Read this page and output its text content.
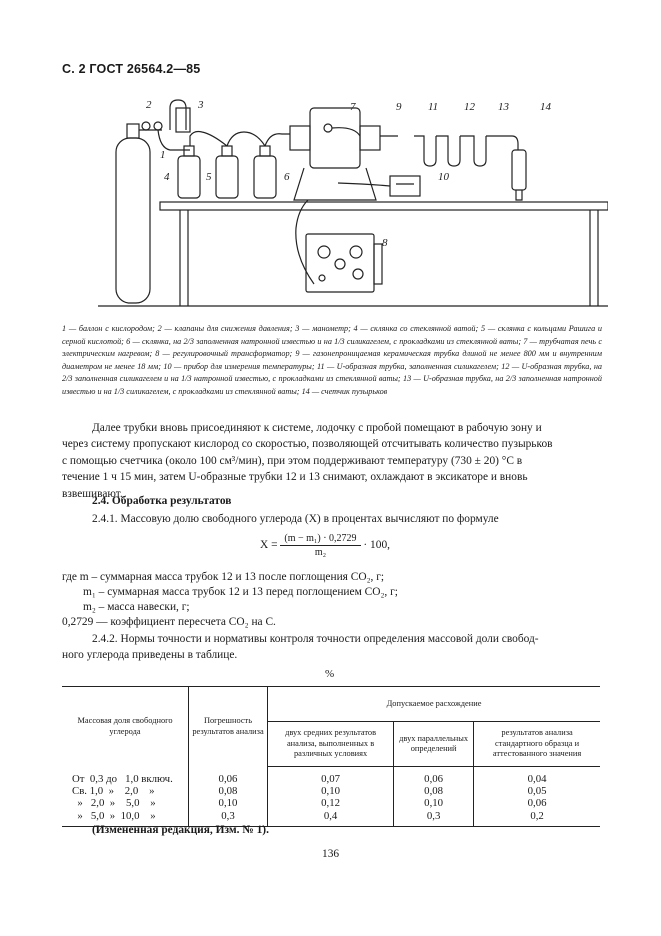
С. 2 ГОСТ 26564.2—85
2	3
1
4	5	6
7	9 11 12 13	14
10
8
1 — баллон с кислородом; 2 — клапаны для снижения давления; 3 — манометр; 4 — склянка со стеклянной ватой; 5 — склянка с кольцами Рашига и серной кислотой; 6 — склянка, на 2/3 заполненная натронной известью и на 1/3 силикагелем, с прокладками из стеклянной ваты; 7 — трубчатая печь с электрическим нагревом; 8 — регулировочный трансформатор; 9 — газонепроницаемая керамическая трубка длиной не менее 800 мм и внутренним диаметром не менее 18 мм; 10 — прибор для измерения температуры; 11 — U-образная трубка, заполненная силикагелем; 12 — U-образная трубка, на 2/3 заполненная силикагелем и на 1/3 натронной известью, с прокладками из стеклянной ваты; 13 — U-образная трубка, на 2/3 заполненная натронной известью и на 1/3 силикагелем, с прокладками из стеклянной ваты; 14 — счетчик пузырьков
Далее трубки вновь присоединяют к системе, лодочку с пробой помещают в рабочую зону и
через систему пропускают кислород со скоростью, позволяющей отсчитывать количество пузырьков
с помощью счетчика (около 100 см³/мин), при этом поддерживают температуру (730 ± 20) °С в
течение 1 ч 15 мин, затем U-образные трубки 12 и 13 снимают, охлаждают в эксикаторе и вновь
взвешивают.
2.4. Обработка результатов
2.4.1. Массовую долю свободного углерода (X) в процентах вычисляют по формуле
$X = \frac{\text{(m − m₁) · 0,2729}}{\text{m₂}} \cdot 100$,
где m – суммарная масса трубок 12 и 13 после поглощения CO₂, г;
m₁ – суммарная масса трубок 12 и 13 перед поглощением CO₂, г;
m₂ – масса навески, г;
0,2729 — коэффициент пересчета CO₂ на С.
2.4.2. Нормы точности и нормативы контроля точности определения массовой доли свобод-
ного углерода приведены в таблице.
%
Массовая доля свободного углерода	Погрешность результатов анализа	Допускаемое расхождение		
		двух средних результатов анализа, выполненных в различных условиях	двух параллельных определений	результатов анализа стандартного образца и аттестованного значения
От  0,3 до   1,0 включ.	0,06	0,07	0,06	0,04
Св. 1,0  »    2,0    »	0,08	0,10	0,08	0,05
»   2,0  »    5,0    »	0,10	0,12	0,10	0,06
»   5,0  »  10,0    »	0,3	0,4	0,3	0,2
(Измененная редакция, Изм. № 1).
136
